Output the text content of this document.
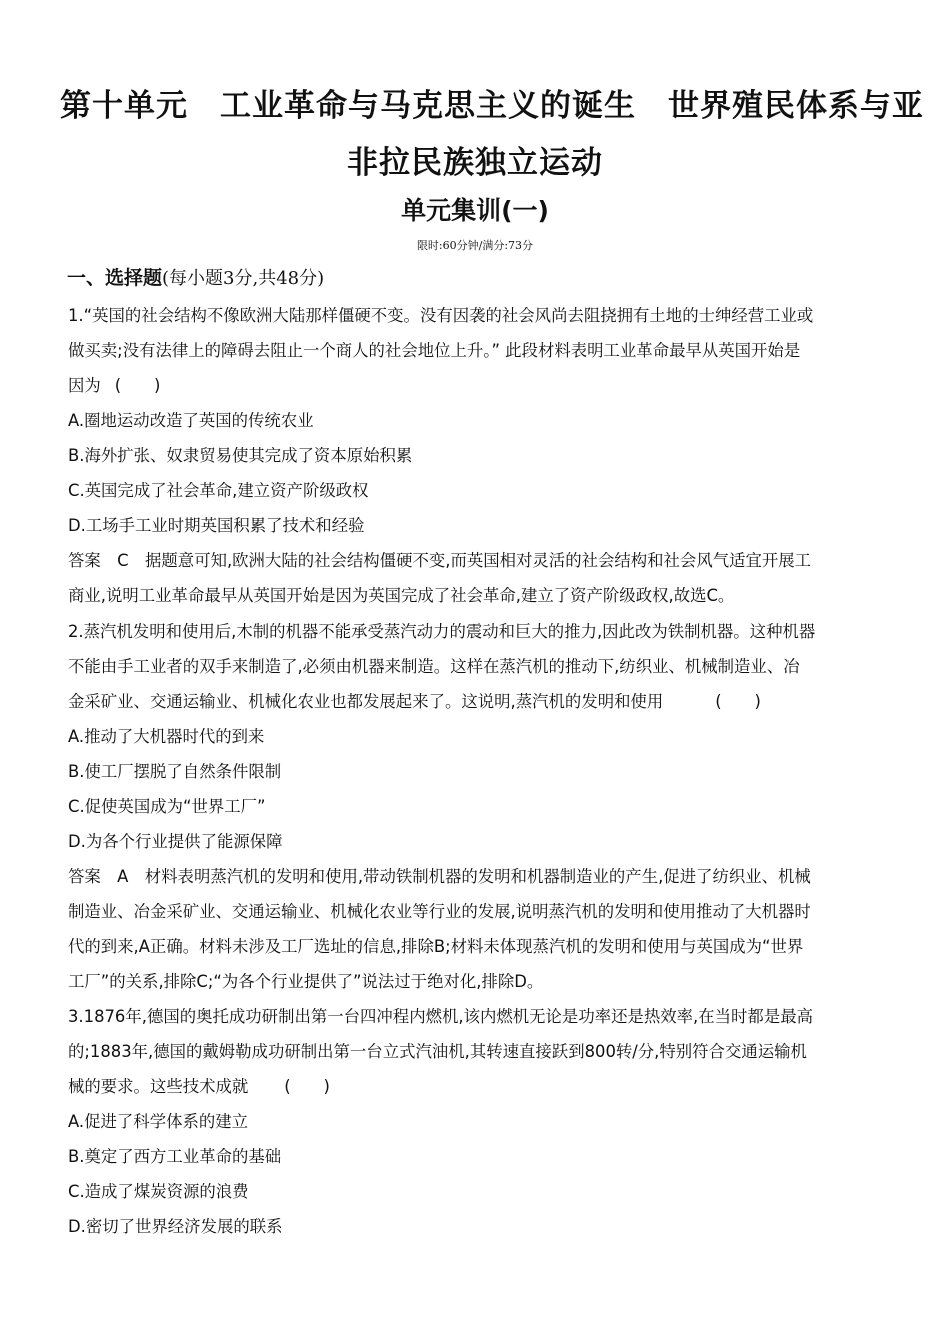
第十单元　工业革命与马克思主义的诞生　世界殖民体系与亚
非拉民族独立运动
单元集训(一)
限时:60分钟/满分:73分
一、选择题(每小题3分,共48分)
1.“英国的社会结构不像欧洲大陆那样僵硬不变。没有因袭的社会风尚去阻挠拥有土地的士绅经营工业或
做买卖;没有法律上的障碍去阻止一个商人的社会地位上升。” 此段材料表明工业革命最早从英国开始是
因为 (　　)
A.圈地运动改造了英国的传统农业
B.海外扩张、奴隶贸易使其完成了资本原始积累
C.英国完成了社会革命,建立资产阶级政权
D.工场手工业时期英国积累了技术和经验
答案　C　据题意可知,欧洲大陆的社会结构僵硬不变,而英国相对灵活的社会结构和社会风气适宜开展工
商业,说明工业革命最早从英国开始是因为英国完成了社会革命,建立了资产阶级政权,故选C。
2.蒸汽机发明和使用后,木制的机器不能承受蒸汽动力的震动和巨大的推力,因此改为铁制机器。这种机器
不能由手工业者的双手来制造了,必须由机器来制造。这样在蒸汽机的推动下,纺织业、机械制造业、冶
金采矿业、交通运输业、机械化农业也都发展起来了。这说明,蒸汽机的发明和使用	(　　)
A.推动了大机器时代的到来
B.使工厂摆脱了自然条件限制
C.促使英国成为“世界工厂”
D.为各个行业提供了能源保障
答案　A　材料表明蒸汽机的发明和使用,带动铁制机器的发明和机器制造业的产生,促进了纺织业、机械
制造业、冶金采矿业、交通运输业、机械化农业等行业的发展,说明蒸汽机的发明和使用推动了大机器时
代的到来,A正确。材料未涉及工厂选址的信息,排除B;材料未体现蒸汽机的发明和使用与英国成为“世界
工厂”的关系,排除C;“为各个行业提供了”说法过于绝对化,排除D。
3.1876年,德国的奥托成功研制出第一台四冲程内燃机,该内燃机无论是功率还是热效率,在当时都是最高
的;1883年,德国的戴姆勒成功研制出第一台立式汽油机,其转速直接跃到800转/分,特别符合交通运输机
械的要求。这些技术成就 (　　)
A.促进了科学体系的建立
B.奠定了西方工业革命的基础
C.造成了煤炭资源的浪费
D.密切了世界经济发展的联系
